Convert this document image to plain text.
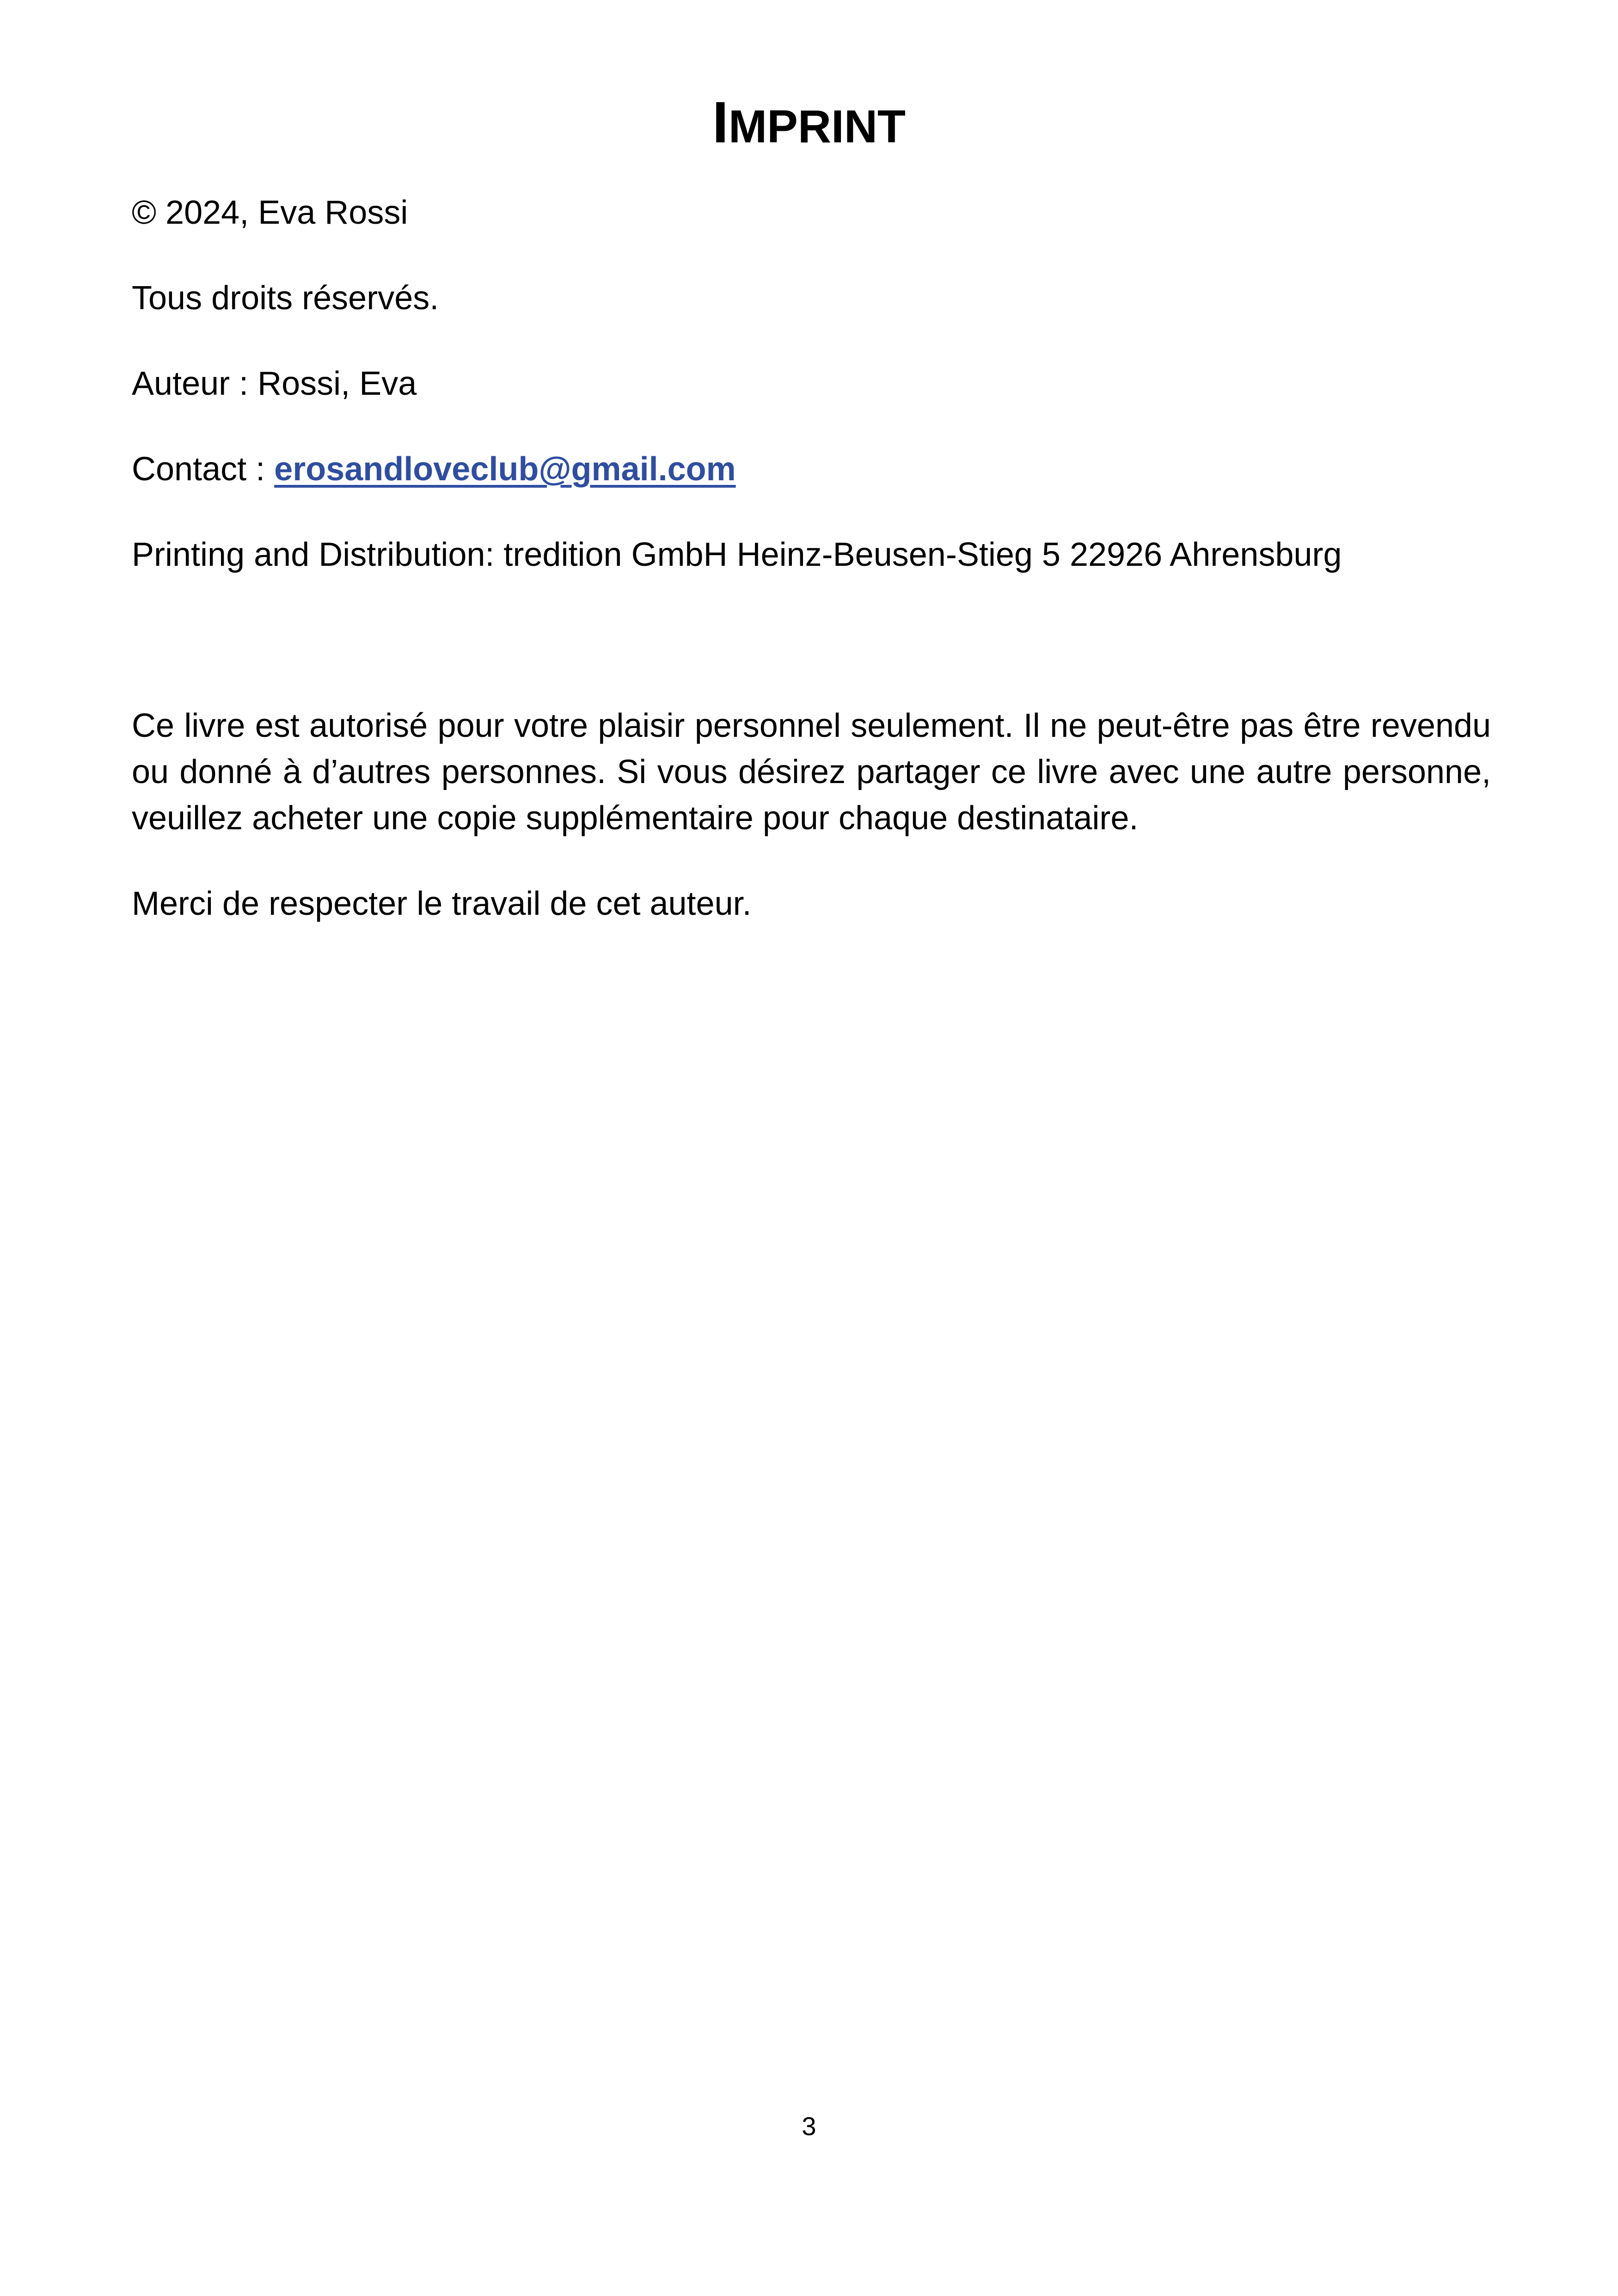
IMPRINT
© 2024, Eva Rossi
Tous droits réservés.
Auteur : Rossi, Eva
Contact : erosandloveclub@gmail.com
Printing and Distribution: tredition GmbH Heinz-Beusen-Stieg 5 22926 Ahrensburg
Ce livre est autorisé pour votre plaisir personnel seulement. Il ne peut-être pas être revendu ou donné à d’autres personnes. Si vous désirez partager ce livre avec une autre personne, veuillez acheter une copie supplémentaire pour chaque destinataire.
Merci de respecter le travail de cet auteur.
3
